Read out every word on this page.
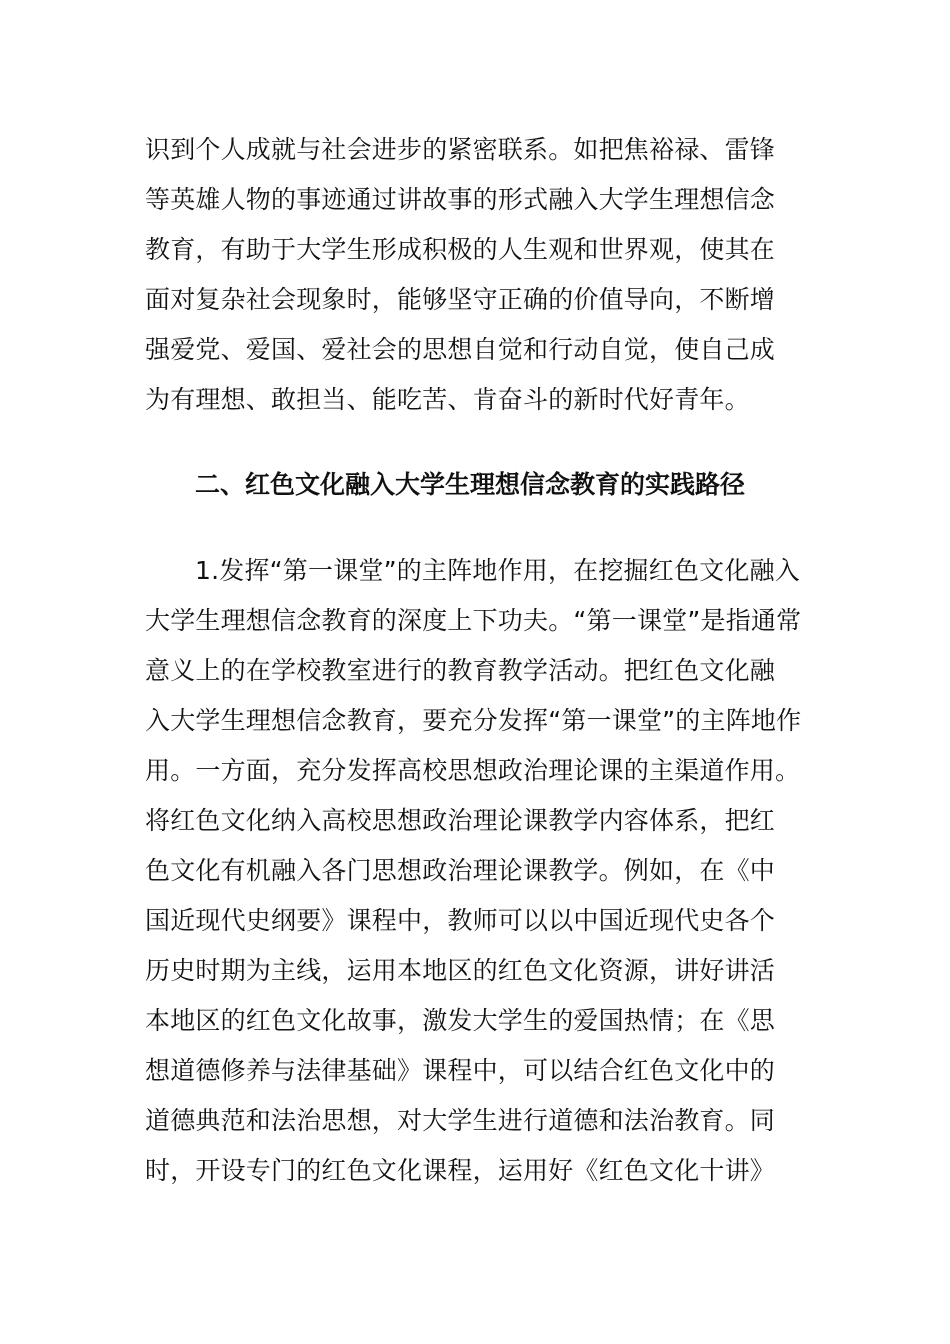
识到个人成就与社会进步的紧密联系。如把焦裕禄、雷锋
等英雄人物的事迹通过讲故事的形式融入大学生理想信念
教育，有助于大学生形成积极的人生观和世界观，使其在
面对复杂社会现象时，能够坚守正确的价值导向，不断增
强爱党、爱国、爱社会的思想自觉和行动自觉，使自己成
为有理想、敢担当、能吃苦、肯奋斗的新时代好青年。
二、红色文化融入大学生理想信念教育的实践路径
1.发挥“第一课堂”的主阵地作用，在挖掘红色文化融入
大学生理想信念教育的深度上下功夫。“第一课堂”是指通常
意义上的在学校教室进行的教育教学活动。把红色文化融
入大学生理想信念教育，要充分发挥“第一课堂”的主阵地作
用。一方面，充分发挥高校思想政治理论课的主渠道作用。
将红色文化纳入高校思想政治理论课教学内容体系，把红
色文化有机融入各门思想政治理论课教学。例如，在《中
国近现代史纲要》课程中，教师可以以中国近现代史各个
历史时期为主线，运用本地区的红色文化资源，讲好讲活
本地区的红色文化故事，激发大学生的爱国热情；在《思
想道德修养与法律基础》课程中，可以结合红色文化中的
道德典范和法治思想，对大学生进行道德和法治教育。同
时，开设专门的红色文化课程，运用好《红色文化十讲》
